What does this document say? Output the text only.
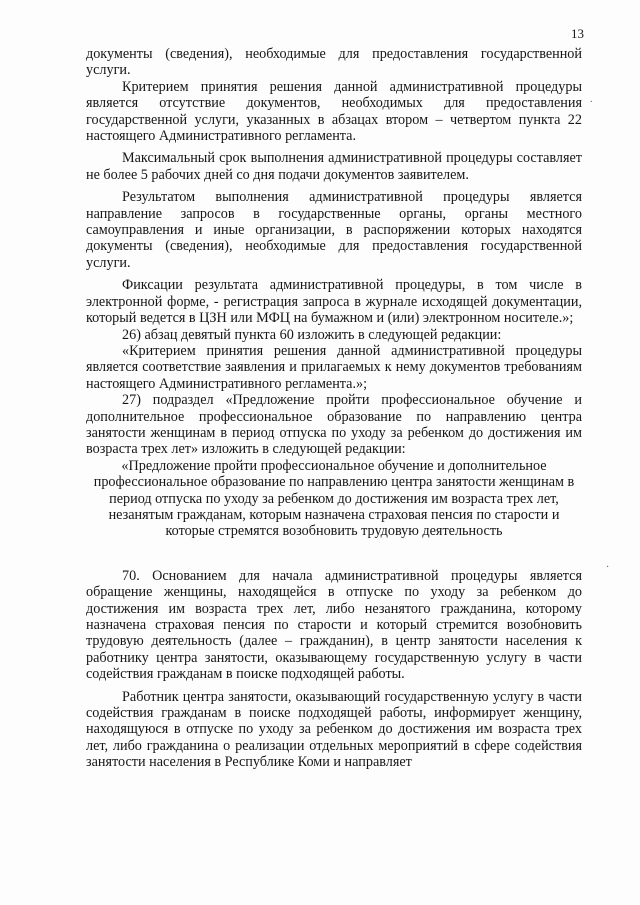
13

документы (сведения), необходимые для предоставления государственной услуги.

Критерием принятия решения данной административной процедуры является отсутствие документов, необходимых для предоставления государственной услуги, указанных в абзацах втором – четвертом пункта 22 настоящего Административного регламента.

Максимальный срок выполнения административной процедуры составляет не более 5 рабочих дней со дня подачи документов заявителем.

Результатом выполнения административной процедуры является направление запросов в государственные органы, органы местного самоуправления и иные организации, в распоряжении которых находятся документы (сведения), необходимые для предоставления государственной услуги.

Фиксации результата административной процедуры, в том числе в электронной форме, - регистрация запроса в журнале исходящей документации, который ведется в ЦЗН или МФЦ на бумажном и (или) электронном носителе.»;

26) абзац девятый пункта 60 изложить в следующей редакции:

«Критерием принятия решения данной административной процедуры является соответствие заявления и прилагаемых к нему документов требованиям настоящего Административного регламента.»;

27) подраздел «Предложение пройти профессиональное обучение и дополнительное профессиональное образование по направлению центра занятости женщинам в период отпуска по уходу за ребенком до достижения им возраста трех лет» изложить в следующей редакции:

«Предложение пройти профессиональное обучение и дополнительное профессиональное образование по направлению центра занятости женщинам в период отпуска по уходу за ребенком до достижения им возраста трех лет, незанятым гражданам, которым назначена страховая пенсия по старости и которые стремятся возобновить трудовую деятельность

70. Основанием для начала административной процедуры является обращение женщины, находящейся в отпуске по уходу за ребенком до достижения им возраста трех лет, либо незанятого гражданина, которому назначена страховая пенсия по старости и который стремится возобновить трудовую деятельность (далее – гражданин), в центр занятости населения к работнику центра занятости, оказывающему государственную услугу в части содействия гражданам в поиске подходящей работы.

Работник центра занятости, оказывающий государственную услугу в части содействия гражданам в поиске подходящей работы, информирует женщину, находящуюся в отпуске по уходу за ребенком до достижения им возраста трех лет, либо гражданина о реализации отдельных мероприятий в сфере содействия занятости населения в Республике Коми и направляет

.
·
